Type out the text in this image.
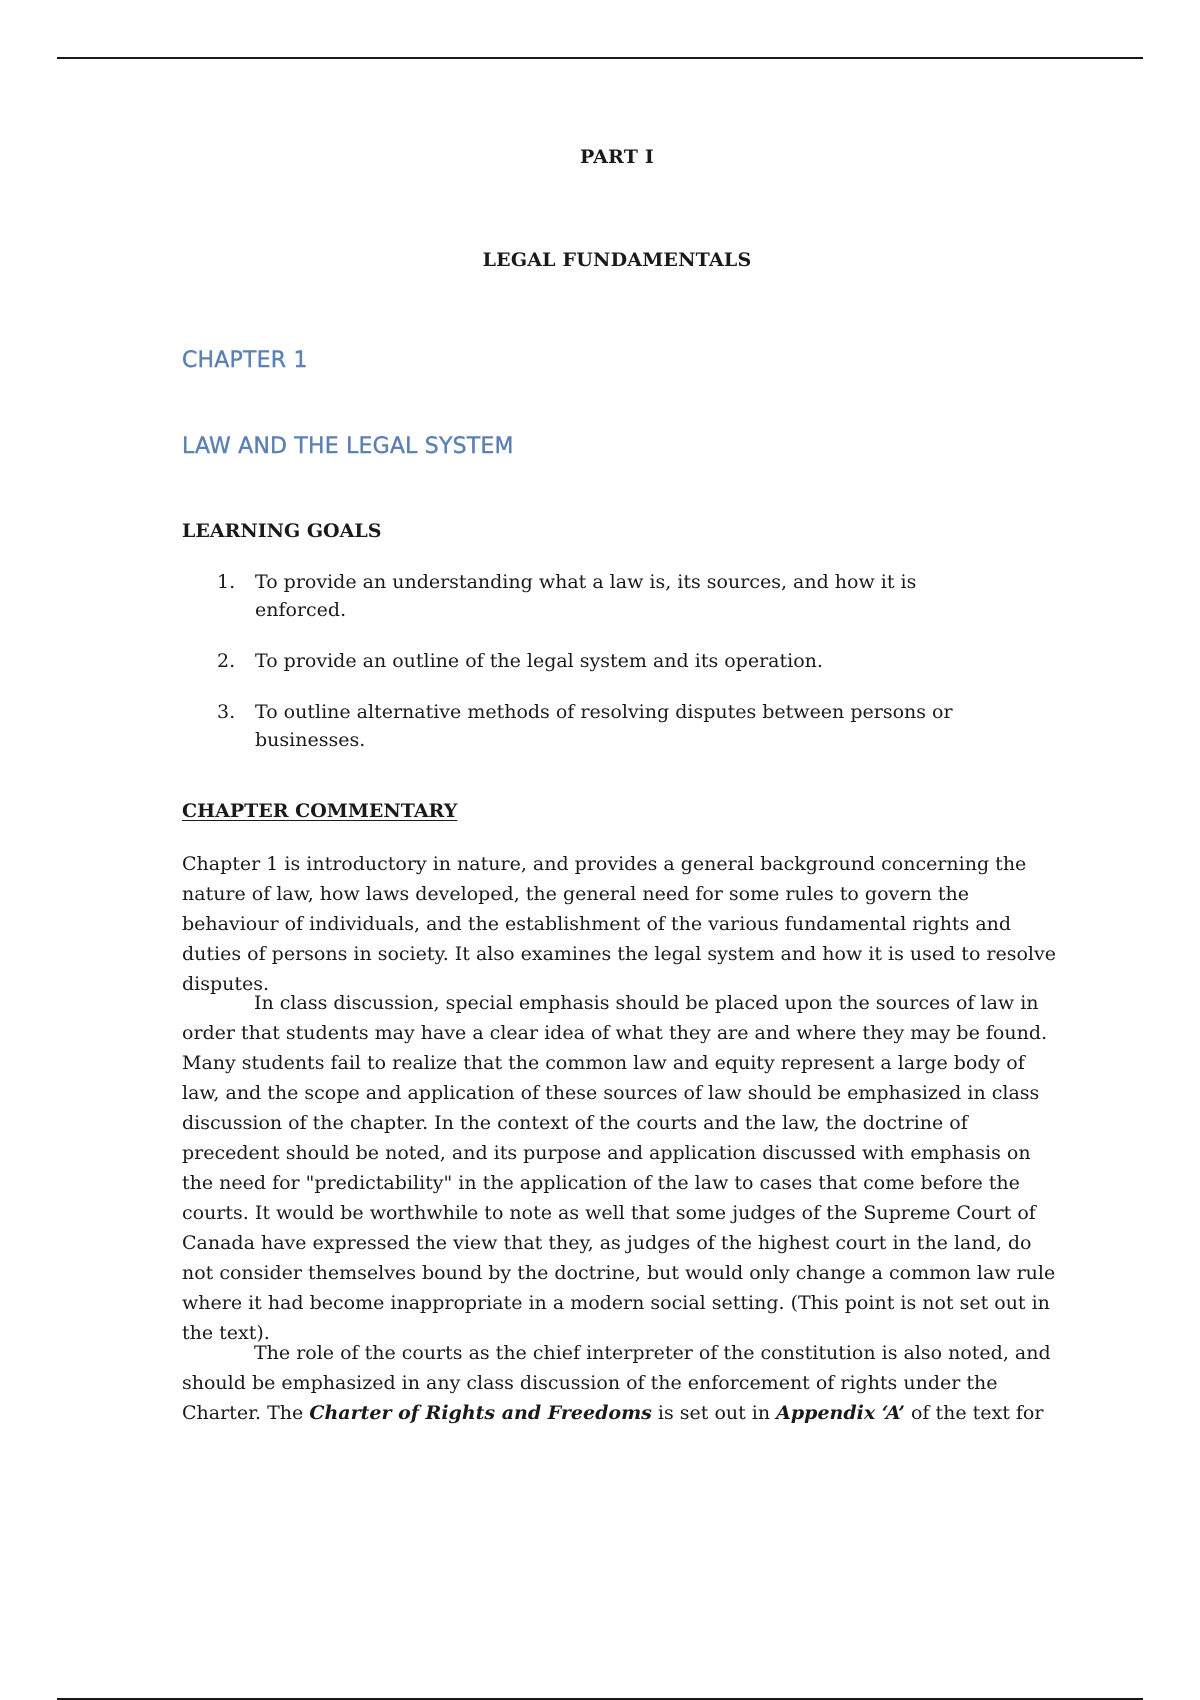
PART I
LEGAL FUNDAMENTALS
CHAPTER 1
LAW AND THE LEGAL SYSTEM
LEARNING GOALS
1. To provide an understanding what a law is, its sources, and how it is enforced.
2. To provide an outline of the legal system and its operation.
3. To outline alternative methods of resolving disputes between persons or businesses.
CHAPTER COMMENTARY

Chapter 1 is introductory in nature, and provides a general background concerning the nature of law, how laws developed, the general need for some rules to govern the behaviour of individuals, and the establishment of the various fundamental rights and duties of persons in society. It also examines the legal system and how it is used to resolve disputes.

In class discussion, special emphasis should be placed upon the sources of law in order that students may have a clear idea of what they are and where they may be found. Many students fail to realize that the common law and equity represent a large body of law, and the scope and application of these sources of law should be emphasized in class discussion of the chapter. In the context of the courts and the law, the doctrine of precedent should be noted, and its purpose and application discussed with emphasis on the need for "predictability" in the application of the law to cases that come before the courts. It would be worthwhile to note as well that some judges of the Supreme Court of Canada have expressed the view that they, as judges of the highest court in the land, do not consider themselves bound by the doctrine, but would only change a common law rule where it had become inappropriate in a modern social setting. (This point is not set out in the text).

The role of the courts as the chief interpreter of the constitution is also noted, and should be emphasized in any class discussion of the enforcement of rights under the Charter. The Charter of Rights and Freedoms is set out in Appendix ‘A’ of the text for
